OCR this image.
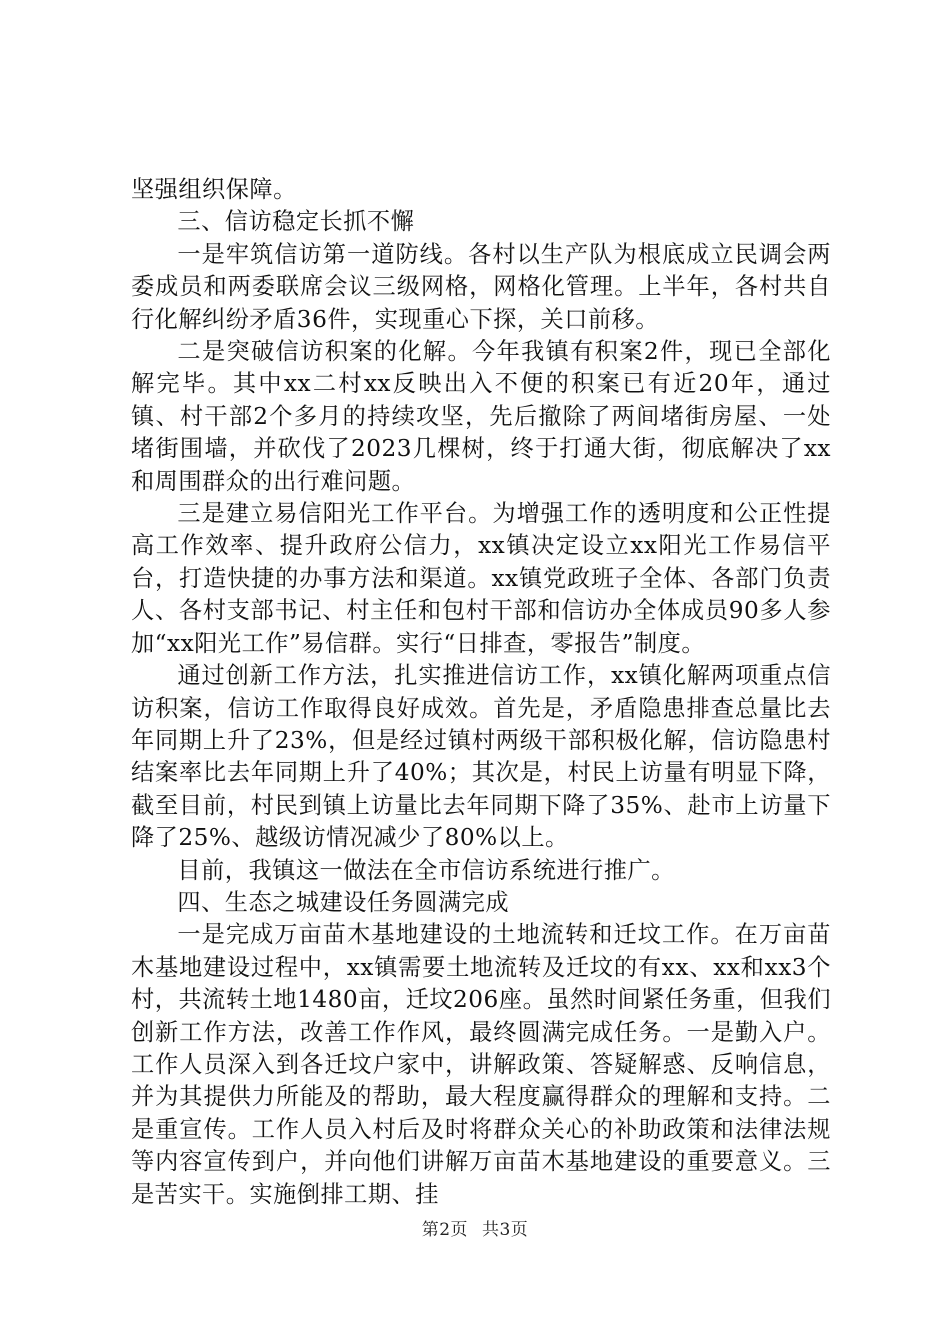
坚强组织保障。

三、信访稳定长抓不懈

一是牢筑信访第一道防线。各村以生产队为根底成立民调会两委成员和两委联席会议三级网格，网格化管理。上半年，各村共自行化解纠纷矛盾36件，实现重心下探，关口前移。

二是突破信访积案的化解。今年我镇有积案2件，现已全部化解完毕。其中xx二村xx反映出入不便的积案已有近20年，通过镇、村干部2个多月的持续攻坚，先后撤除了两间堵街房屋、一处堵街围墙，并砍伐了2023几棵树，终于打通大街，彻底解决了xx和周围群众的出行难问题。

三是建立易信阳光工作平台。为增强工作的透明度和公正性提高工作效率、提升政府公信力，xx镇决定设立xx阳光工作易信平台，打造快捷的办事方法和渠道。xx镇党政班子全体、各部门负责人、各村支部书记、村主任和包村干部和信访办全体成员90多人参加“xx阳光工作”易信群。实行“日排查，零报告”制度。

通过创新工作方法，扎实推进信访工作，xx镇化解两项重点信访积案，信访工作取得良好成效。首先是，矛盾隐患排查总量比去年同期上升了23%，但是经过镇村两级干部积极化解，信访隐患村结案率比去年同期上升了40%；其次是，村民上访量有明显下降，截至目前，村民到镇上访量比去年同期下降了35%、赴市上访量下降了25%、越级访情况减少了80%以上。

目前，我镇这一做法在全市信访系统进行推广。

四、生态之城建设任务圆满完成

一是完成万亩苗木基地建设的土地流转和迁坟工作。在万亩苗木基地建设过程中，xx镇需要土地流转及迁坟的有xx、xx和xx3个村，共流转土地1480亩，迁坟206座。虽然时间紧任务重，但我们创新工作方法，改善工作作风，最终圆满完成任务。一是勤入户。工作人员深入到各迁坟户家中，讲解政策、答疑解惑、反响信息，并为其提供力所能及的帮助，最大程度赢得群众的理解和支持。二是重宣传。工作人员入村后及时将群众关心的补助政策和法律法规等内容宣传到户，并向他们讲解万亩苗木基地建设的重要意义。三是苦实干。实施倒排工期、挂

第2页 共3页
